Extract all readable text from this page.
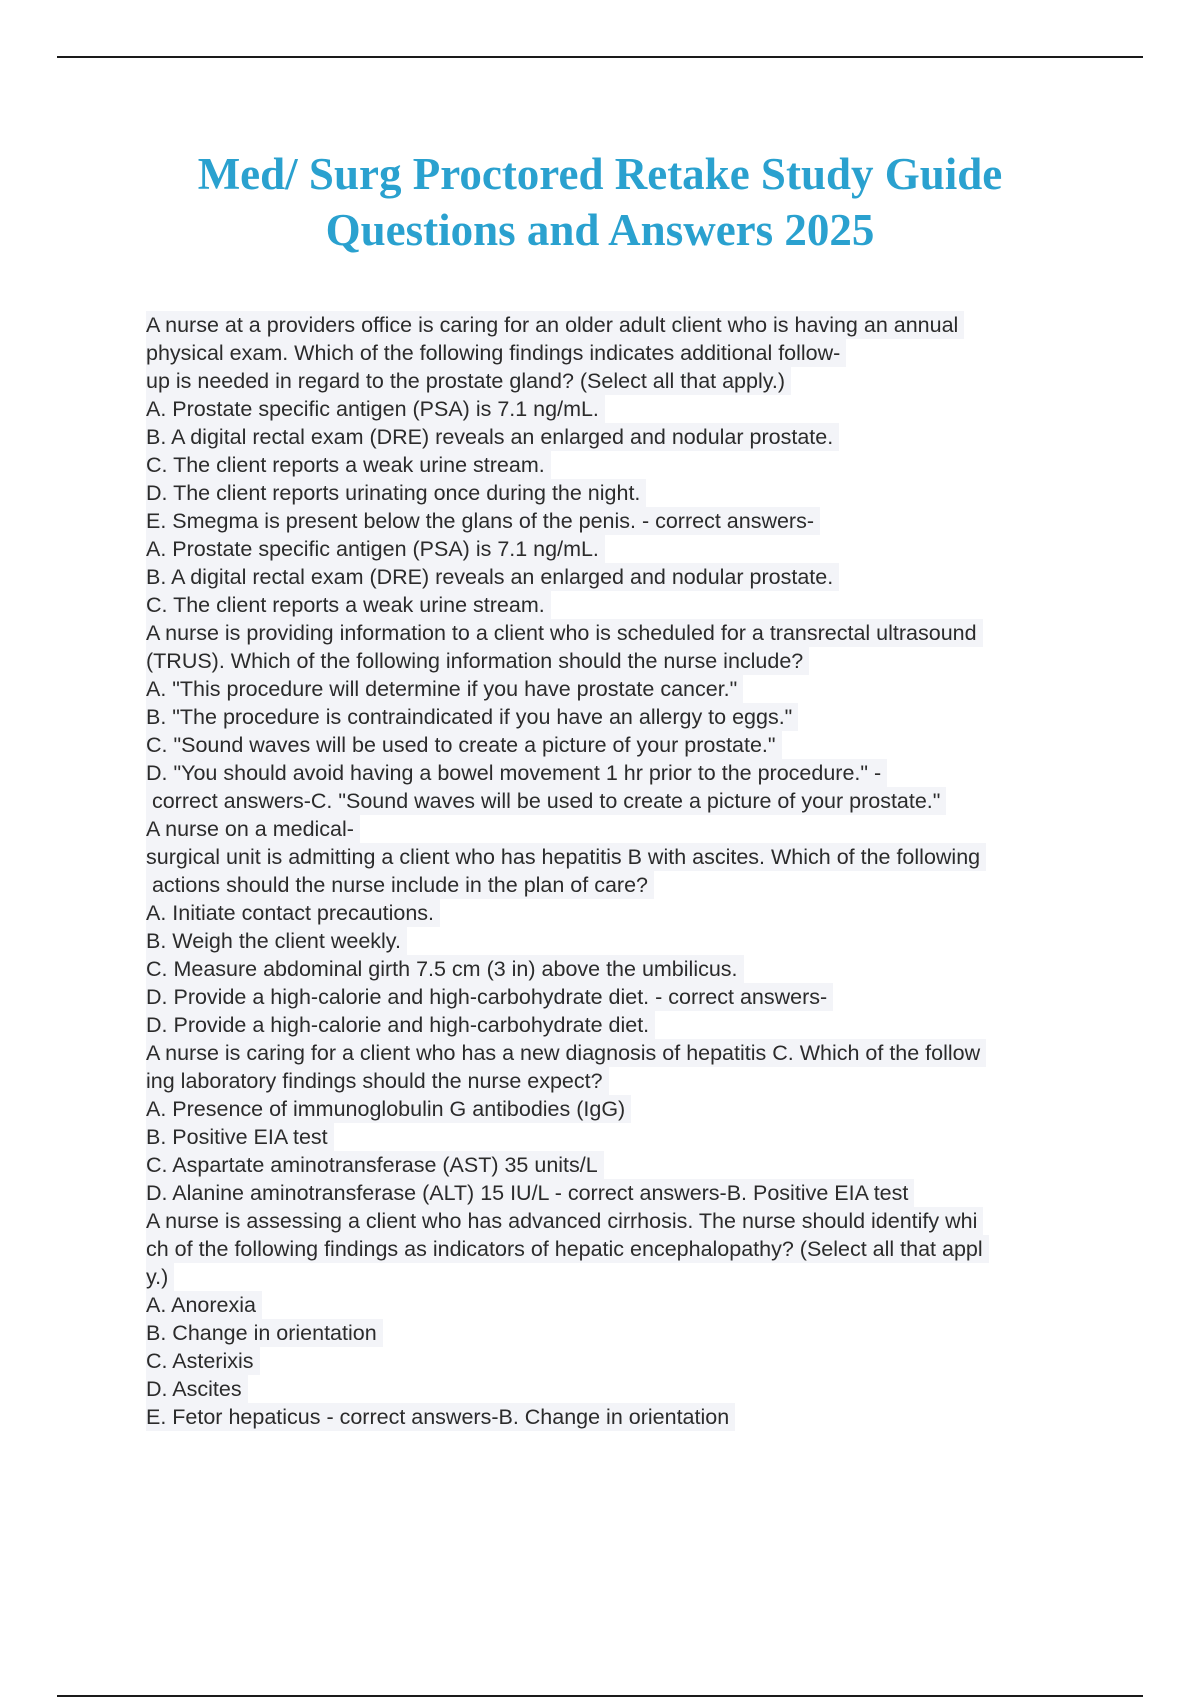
Med/ Surg Proctored Retake Study Guide
Questions and Answers 2025
A nurse at a providers office is caring for an older adult client who is having an annual
physical exam. Which of the following findings indicates additional follow-
up is needed in regard to the prostate gland? (Select all that apply.)
A. Prostate specific antigen (PSA) is 7.1 ng/mL.
B. A digital rectal exam (DRE) reveals an enlarged and nodular prostate.
C. The client reports a weak urine stream.
D. The client reports urinating once during the night.
E. Smegma is present below the glans of the penis. - correct answers-
A. Prostate specific antigen (PSA) is 7.1 ng/mL.
B. A digital rectal exam (DRE) reveals an enlarged and nodular prostate.
C. The client reports a weak urine stream.
A nurse is providing information to a client who is scheduled for a transrectal ultrasound
(TRUS). Which of the following information should the nurse include?
A. "This procedure will determine if you have prostate cancer."
B. "The procedure is contraindicated if you have an allergy to eggs."
C. "Sound waves will be used to create a picture of your prostate."
D. "You should avoid having a bowel movement 1 hr prior to the procedure." -
correct answers-C. "Sound waves will be used to create a picture of your prostate."
A nurse on a medical-
surgical unit is admitting a client who has hepatitis B with ascites. Which of the following
actions should the nurse include in the plan of care?
A. Initiate contact precautions.
B. Weigh the client weekly.
C. Measure abdominal girth 7.5 cm (3 in) above the umbilicus.
D. Provide a high-calorie and high-carbohydrate diet. - correct answers-
D. Provide a high-calorie and high-carbohydrate diet.
A nurse is caring for a client who has a new diagnosis of hepatitis C. Which of the follow
ing laboratory findings should the nurse expect?
A. Presence of immunoglobulin G antibodies (IgG)
B. Positive EIA test
C. Aspartate aminotransferase (AST) 35 units/L
D. Alanine aminotransferase (ALT) 15 IU/L - correct answers-B. Positive EIA test
A nurse is assessing a client who has advanced cirrhosis. The nurse should identify whi
ch of the following findings as indicators of hepatic encephalopathy? (Select all that appl
y.)
A. Anorexia
B. Change in orientation
C. Asterixis
D. Ascites
E. Fetor hepaticus - correct answers-B. Change in orientation
